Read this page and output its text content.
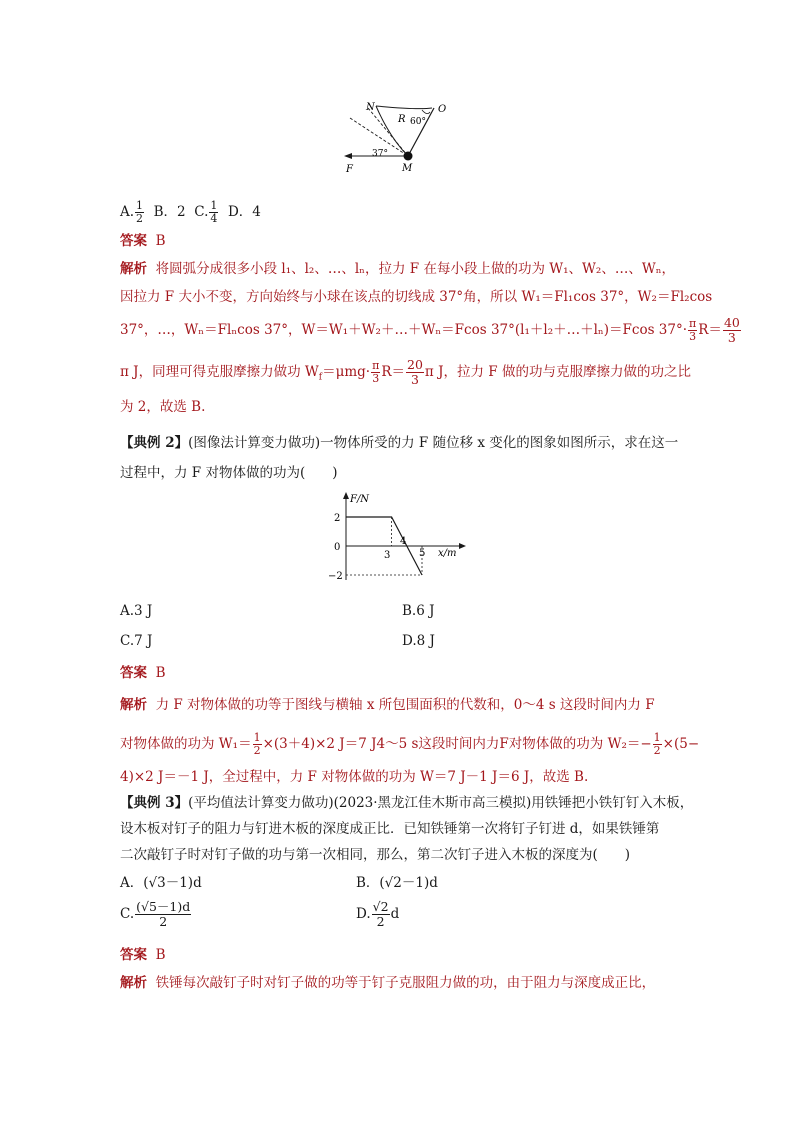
N	O
R 60°
37°
F	M
A. $\frac{1}{2}$ B．2 C. $\frac{1}{4}$ D．4
答案 B
解析 将圆弧分成很多小段 l₁、l₂、…、lₙ，拉力 F 在每小段上做的功为 W₁、W₂、…、Wₙ，
因拉力 F 大小不变，方向始终与小球在该点的切线成 37°角，所以 W₁＝Fl₁cos 37°，W₂＝Fl₂cos
37°，…，Wₙ＝Flₙcos 37°，W＝W₁＋W₂＋…＋Wₙ＝Fcos 37°(l₁＋l₂＋…＋lₙ)＝Fcos $37^\circ\cdot \frac{\pi}{3} R= \frac{40}{3}$
π J，同理可得克服摩擦力做功 $W_f=\mu mg\cdot \frac{\pi}{3} R= \frac{20}{3}$ π J，拉力 F 做的功与克服摩擦力做的功之比
为 2，故选 B.
【典例 2】(图像法计算变力做功)一物体所受的力 F 随位移 x 变化的图象如图所示，求在这一
过程中，力 F 对物体做的功为(　　)
F/N
x/m
2
0
−2
3
4
5
A.3 J	B.6 J
C.7 J	D.8 J
答案 B
解析 力 F 对物体做的功等于图线与横轴 x 所包围面积的代数和，0～4 s 这段时间内力 F
对物体做的功为 $W_1= \frac{1}{2} \times(3+4)\times 2$ J＝7 J4～5 s这段时间内力F对物体做的功为 $W_2=- \frac{1}{2} \times(5-$
4)×2 J＝－1 J，全过程中，力 F 对物体做的功为 W＝7 J－1 J＝6 J，故选 B.
【典例 3】(平均值法计算变力做功)(2023·黑龙江佳木斯市高三模拟)用铁锤把小铁钉钉入木板，
设木板对钉子的阻力与钉进木板的深度成正比．已知铁锤第一次将钉子钉进 d，如果铁锤第
二次敲钉子时对钉子做的功与第一次相同，那么，第二次钉子进入木板的深度为(　　)
A．(√3－1)d	B．(√2－1)d
C. $\frac{(√5-1)d}{2}$	D. $\frac{√2}{2}$ d
答案 B
解析 铁锤每次敲钉子时对钉子做的功等于钉子克服阻力做的功，由于阻力与深度成正比，
